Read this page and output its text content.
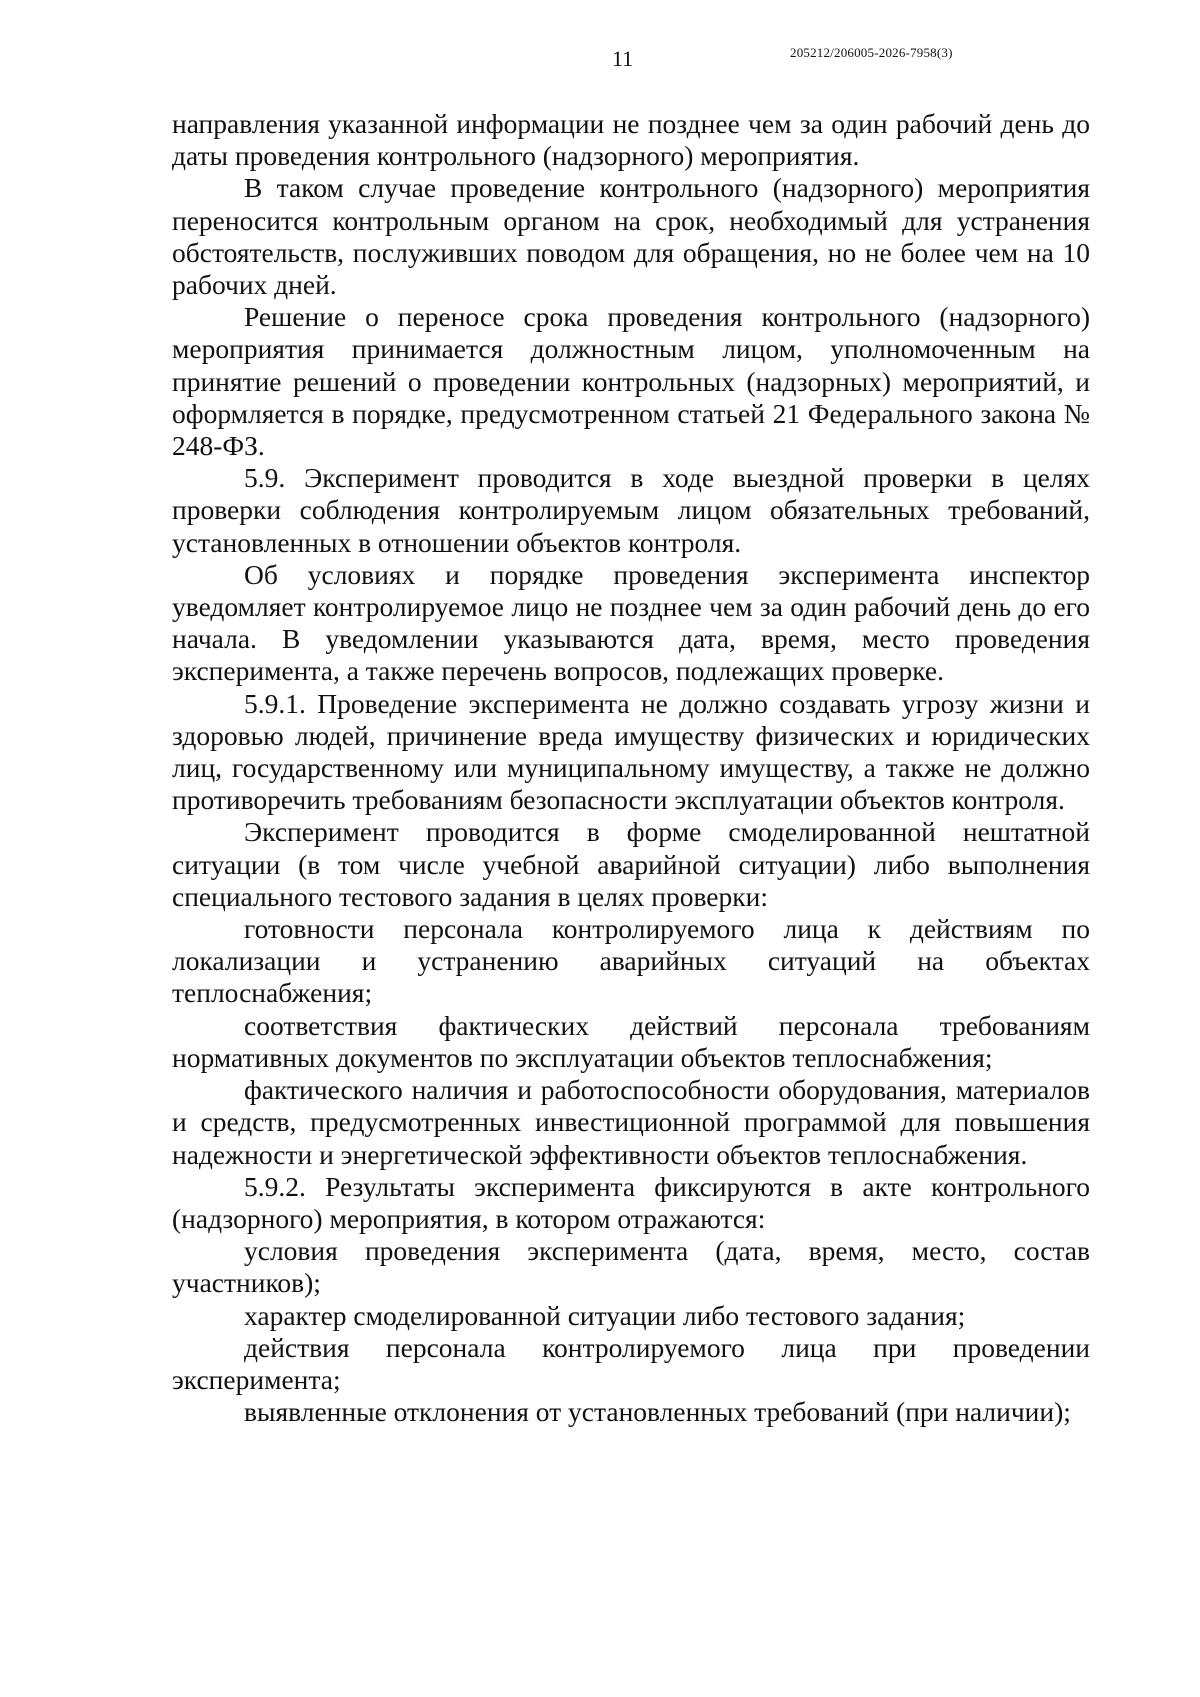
11	205212/206005-2026-7958(3)

направления указанной информации не позднее чем за один рабочий день до даты проведения контрольного (надзорного) мероприятия.

В таком случае проведение контрольного (надзорного) мероприятия переносится контрольным органом на срок, необходимый для устранения обстоятельств, послуживших поводом для обращения, но не более чем на 10 рабочих дней.

Решение о переносе срока проведения контрольного (надзорного) мероприятия принимается должностным лицом, уполномоченным на принятие решений о проведении контрольных (надзорных) мероприятий, и оформляется в порядке, предусмотренном статьей 21 Федерального закона № 248-ФЗ.

5.9. Эксперимент проводится в ходе выездной проверки в целях проверки соблюдения контролируемым лицом обязательных требований, установленных в отношении объектов контроля.

Об условиях и порядке проведения эксперимента инспектор уведомляет контролируемое лицо не позднее чем за один рабочий день до его начала. В уведомлении указываются дата, время, место проведения эксперимента, а также перечень вопросов, подлежащих проверке.

5.9.1. Проведение эксперимента не должно создавать угрозу жизни и здоровью людей, причинение вреда имуществу физических и юридических лиц, государственному или муниципальному имуществу, а также не должно противоречить требованиям безопасности эксплуатации объектов контроля.

Эксперимент проводится в форме смоделированной нештатной ситуации (в том числе учебной аварийной ситуации) либо выполнения специального тестового задания в целях проверки:

готовности персонала контролируемого лица к действиям по локализации и устранению аварийных ситуаций на объектах теплоснабжения;

соответствия фактических действий персонала требованиям нормативных документов по эксплуатации объектов теплоснабжения;

фактического наличия и работоспособности оборудования, материалов и средств, предусмотренных инвестиционной программой для повышения надежности и энергетической эффективности объектов теплоснабжения.

5.9.2. Результаты эксперимента фиксируются в акте контрольного (надзорного) мероприятия, в котором отражаются:

условия проведения эксперимента (дата, время, место, состав участников);

характер смоделированной ситуации либо тестового задания;

действия персонала контролируемого лица при проведении эксперимента;

выявленные отклонения от установленных требований (при наличии);
